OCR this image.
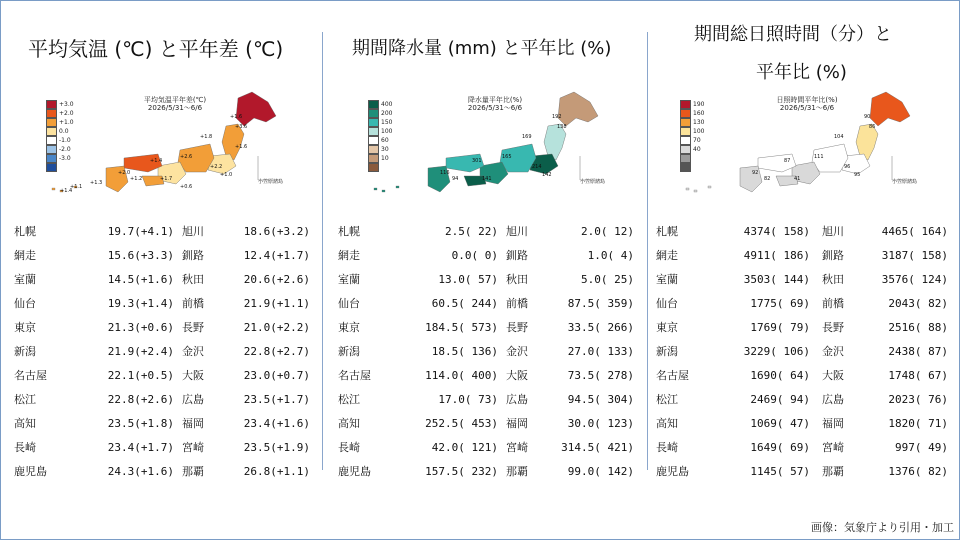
平均気温 (℃) と平年差 (℃)	期間降水量 (mm) と平年比 (%)
期間総日照時間（分）と
平年比 (%)
+3.0
+2.0
+1.0
0.0
-1.0
-2.0
-3.0
平均気温平年差(℃)
2026/5/31～6/6
+1.6
+1.8
+3.6
+2.6
+2.2
+1.4
+2.0
+1.2	+1.7
+1.0
+1.3
+1.1
+1.4
+0.6
+1.6
小笠原諸島
400
200
150
100
60
30
10
降水量平年比(%)
2026/5/31～6/6
192
169
138
165
214
301
116
94	141
142
小笠原諸島
190
160
130
100
70
40
日照時間平年比(%)
2026/5/31～6/6
90
104
86
111
96
87
92
82	41
95
小笠原諸島
札幌	19.7(+4.1) 旭川	18.6(+3.2)
網走	15.6(+3.3) 釧路	12.4(+1.7)
室蘭	14.5(+1.6) 秋田	20.6(+2.6)
仙台	19.3(+1.4) 前橋	21.9(+1.1)
東京	21.3(+0.6) 長野	21.0(+2.2)
新潟	21.9(+2.4) 金沢	22.8(+2.7)
名古屋	22.1(+0.5) 大阪	23.0(+0.7)
松江	22.8(+2.6) 広島	23.5(+1.7)
高知	23.5(+1.8) 福岡	23.4(+1.6)
長崎	23.4(+1.7) 宮崎	23.5(+1.9)
鹿児島	24.3(+1.6) 那覇	26.8(+1.1)
札幌	2.5( 22) 旭川	2.0( 12)
網走	0.0( 0) 釧路	1.0( 4)
室蘭	13.0( 57) 秋田	5.0( 25)
仙台	60.5( 244) 前橋	87.5( 359)
東京	184.5( 573) 長野	33.5( 266)
新潟	18.5( 136) 金沢	27.0( 133)
名古屋	114.0( 400) 大阪	73.5( 278)
松江	17.0( 73) 広島	94.5( 304)
高知	252.5( 453) 福岡	30.0( 123)
長崎	42.0( 121) 宮崎	314.5( 421)
鹿児島	157.5( 232) 那覇	99.0( 142)
札幌	4374( 158) 旭川	4465( 164)
網走	4911( 186) 釧路	3187( 158)
室蘭	3503( 144) 秋田	3576( 124)
仙台	1775( 69) 前橋	2043( 82)
東京	1769( 79) 長野	2516( 88)
新潟	3229( 106) 金沢	2438( 87)
名古屋	1690( 64) 大阪	1748( 67)
松江	2469( 94) 広島	2023( 76)
高知	1069( 47) 福岡	1820( 71)
長崎	1649( 69) 宮崎	997( 49)
鹿児島	1145( 57) 那覇	1376( 82)
画像：気象庁より引用・加工
